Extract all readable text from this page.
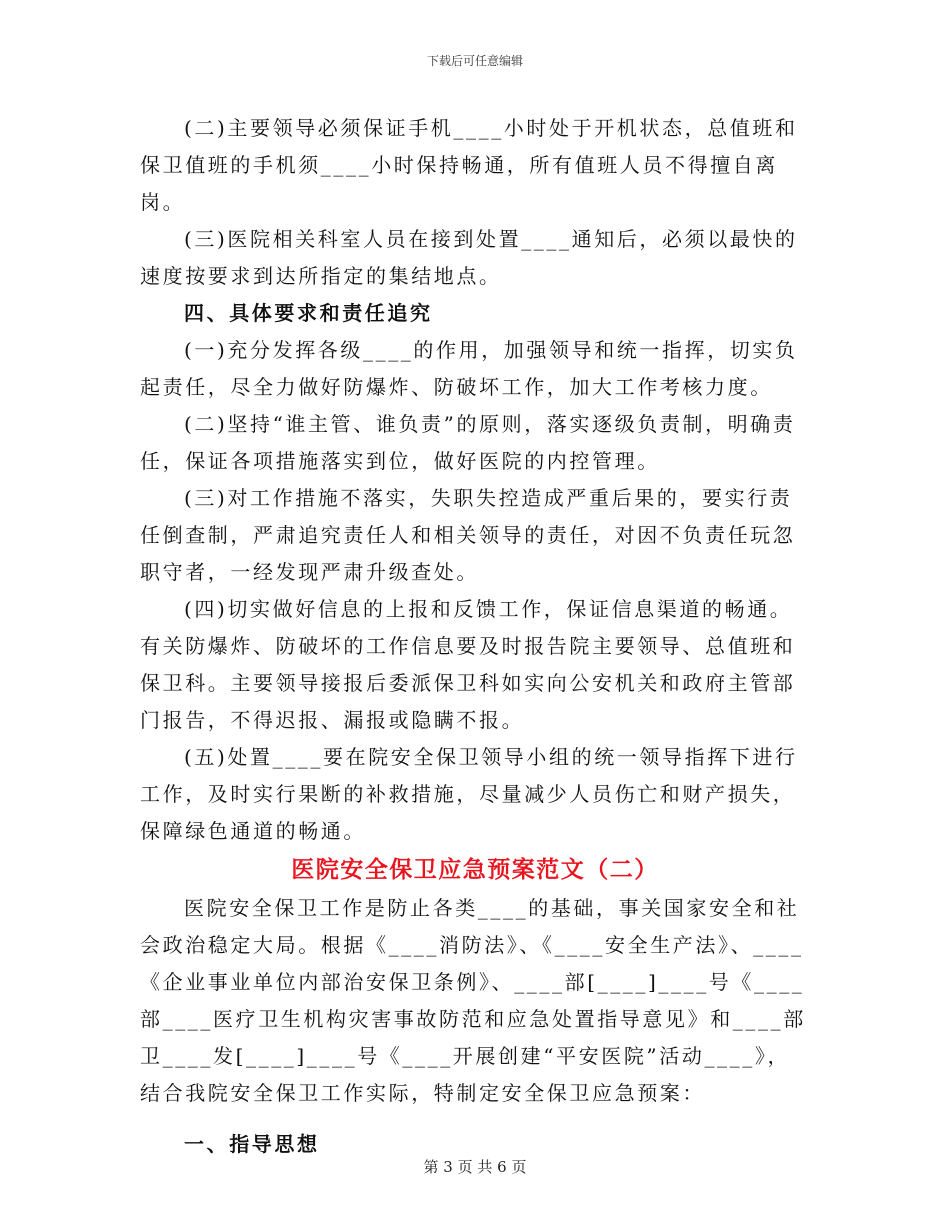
下载后可任意编辑

(二)主要领导必须保证手机____小时处于开机状态，总值班和保卫值班的手机须____小时保持畅通，所有值班人员不得擅自离岗。

(三)医院相关科室人员在接到处置____通知后，必须以最快的速度按要求到达所指定的集结地点。

四、具体要求和责任追究

(一)充分发挥各级____的作用，加强领导和统一指挥，切实负起责任，尽全力做好防爆炸、防破坏工作，加大工作考核力度。

(二)坚持“谁主管、谁负责”的原则，落实逐级负责制，明确责任，保证各项措施落实到位，做好医院的内控管理。

(三)对工作措施不落实，失职失控造成严重后果的，要实行责任倒查制，严肃追究责任人和相关领导的责任，对因不负责任玩忽职守者，一经发现严肃升级查处。

(四)切实做好信息的上报和反馈工作，保证信息渠道的畅通。有关防爆炸、防破坏的工作信息要及时报告院主要领导、总值班和保卫科。主要领导接报后委派保卫科如实向公安机关和政府主管部门报告，不得迟报、漏报或隐瞒不报。

(五)处置____要在院安全保卫领导小组的统一领导指挥下进行工作，及时实行果断的补救措施，尽量减少人员伤亡和财产损失，保障绿色通道的畅通。

医院安全保卫应急预案范文（二）

医院安全保卫工作是防止各类____的基础，事关国家安全和社会政治稳定大局。根据《____消防法》、《____安全生产法》、____《企业事业单位内部治安保卫条例》、____部[____]____号《____部____医疗卫生机构灾害事故防范和应急处置指导意见》和____部卫____发[____]____号《____开展创建“平安医院”活动____》，结合我院安全保卫工作实际，特制定安全保卫应急预案：

一、指导思想

第 3 页 共 6 页
